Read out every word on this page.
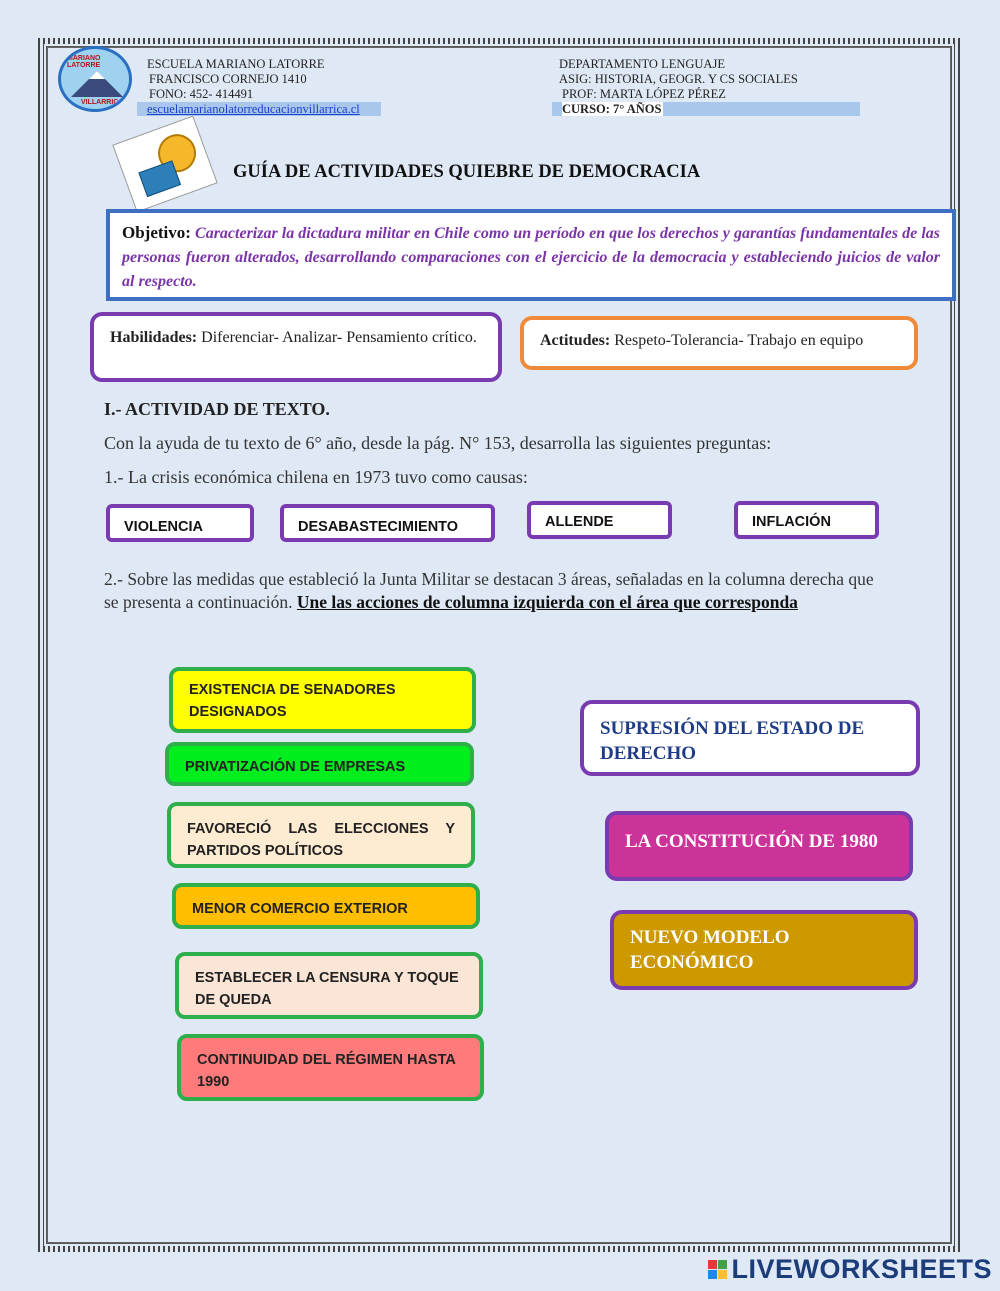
MARIANO LATORRE
VILLARRICA
ESCUELA MARIANO LATORRE
FRANCISCO CORNEJO 1410
FONO: 452- 414491
escuelamarianolatorreducacionvillarrica.cl
DEPARTAMENTO LENGUAJE
ASIG: HISTORIA, GEOGR. Y CS SOCIALES
PROF: MARTA LÓPEZ PÉREZ
CURSO: 7° AÑOS
GUÍA DE ACTIVIDADES QUIEBRE DE DEMOCRACIA
Objetivo: Caracterizar la dictadura militar en Chile como un período en que los derechos y garantías fundamentales de las personas fueron alterados, desarrollando comparaciones con el ejercicio de la democracia y estableciendo juicios de valor al respecto.
Habilidades: Diferenciar- Analizar- Pensamiento crítico.	Actitudes: Respeto-Tolerancia- Trabajo en equipo
I.- ACTIVIDAD DE TEXTO.
Con la ayuda de tu texto de 6° año, desde la pág. N° 153, desarrolla las siguientes preguntas:
1.- La crisis económica chilena en 1973 tuvo como causas:
VIOLENCIA	DESABASTECIMIENTO	ALLENDE	INFLACIÓN
2.- Sobre las medidas que estableció la Junta Militar se destacan 3 áreas, señaladas en la columna derecha que se presenta a continuación. Une las acciones de columna izquierda con el área que corresponda
EXISTENCIA DE SENADORES DESIGNADOS
PRIVATIZACIÓN DE EMPRESAS
FAVORECIÓ LAS ELECCIONES Y PARTIDOS POLÍTICOS
MENOR COMERCIO EXTERIOR
ESTABLECER LA CENSURA Y TOQUE DE QUEDA
CONTINUIDAD DEL RÉGIMEN HASTA 1990
SUPRESIÓN DEL ESTADO DE DERECHO
LA CONSTITUCIÓN DE 1980
NUEVO MODELO ECONÓMICO
LIVEWORKSHEETS
